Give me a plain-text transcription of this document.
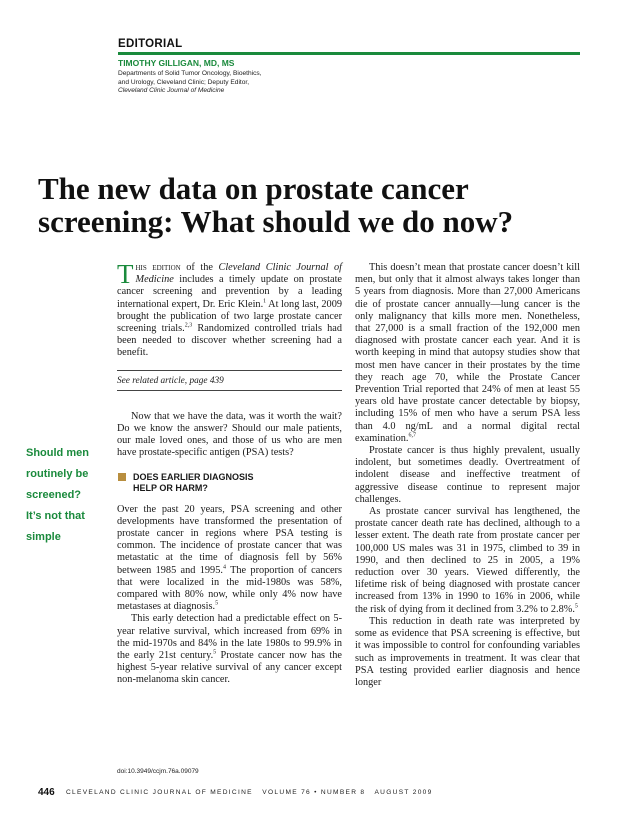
EDITORIAL
TIMOTHY GILLIGAN, MD, MS
Departments of Solid Tumor Oncology, Bioethics,
and Urology, Cleveland Clinic; Deputy Editor,
Cleveland Clinic Journal of Medicine
The new data on prostate cancer
screening: What should we do now?
Should men
routinely be
screened?
It’s not that
simple

This edition of the Cleveland Clinic Journal of Medicine includes a timely update on prostate cancer screening and prevention by a leading international expert, Dr. Eric Klein.$^1$ At long last, 2009 brought the publication of two large prostate cancer screening trials.$^{2,3}$ Randomized controlled trials had been needed to discover whether screening had a benefit.

See related article, page 439

Now that we have the data, was it worth the wait? Do we know the answer? Should our male patients, our male loved ones, and those of us who are men have prostate-specific antigen (PSA) tests?

DOES EARLIER DIAGNOSIS
HELP OR HARM?

Over the past 20 years, PSA screening and other developments have transformed the presentation of prostate cancer in regions where PSA testing is common. The incidence of prostate cancer that was metastatic at the time of diagnosis fell by 56% between 1985 and 1995.$^4$ The proportion of cancers that were localized in the mid-1980s was 58%, compared with 80% now, while only 4% now have metastases at diagnosis.$^5$

This early detection had a predictable effect on 5-year relative survival, which increased from 69% in the mid-1970s and 84% in the late 1980s to 99.9% in the early 21st century.$^5$ Prostate cancer now has the highest 5-year relative survival of any cancer except non-melanoma skin cancer.

This doesn’t mean that prostate cancer doesn’t kill men, but only that it almost always takes longer than 5 years from diagnosis. More than 27,000 Americans die of prostate cancer annually—lung cancer is the only malignancy that kills more men. Nonetheless, that 27,000 is a small fraction of the 192,000 men diagnosed with prostate cancer each year. And it is worth keeping in mind that autopsy studies show that most men have cancer in their prostates by the time they reach age 70, while the Prostate Cancer Prevention Trial reported that 24% of men at least 55 years old have prostate cancer detectable by biopsy, including 15% of men who have a serum PSA less than 4.0 ng/mL and a normal digital rectal examination.$^{6,7}$

Prostate cancer is thus highly prevalent, usually indolent, but sometimes deadly. Overtreatment of indolent disease and ineffective treatment of aggressive disease continue to represent major challenges.

As prostate cancer survival has lengthened, the prostate cancer death rate has declined, although to a lesser extent. The death rate from prostate cancer per 100,000 US males was 31 in 1975, climbed to 39 in 1990, and then declined to 25 in 2005, a 19% reduction over 30 years. Viewed differently, the lifetime risk of being diagnosed with prostate cancer increased from 13% in 1990 to 16% in 2006, while the risk of dying from it declined from 3.2% to 2.8%.$^5$

This reduction in death rate was interpreted by some as evidence that PSA screening is effective, but it was impossible to control for confounding variables such as improvements in treatment. It was clear that PSA testing provided earlier diagnosis and hence longer

doi:10.3949/ccjm.76a.09079
446 CLEVELAND CLINIC JOURNAL OF MEDICINE VOLUME 76 • NUMBER 8 AUGUST 2009
